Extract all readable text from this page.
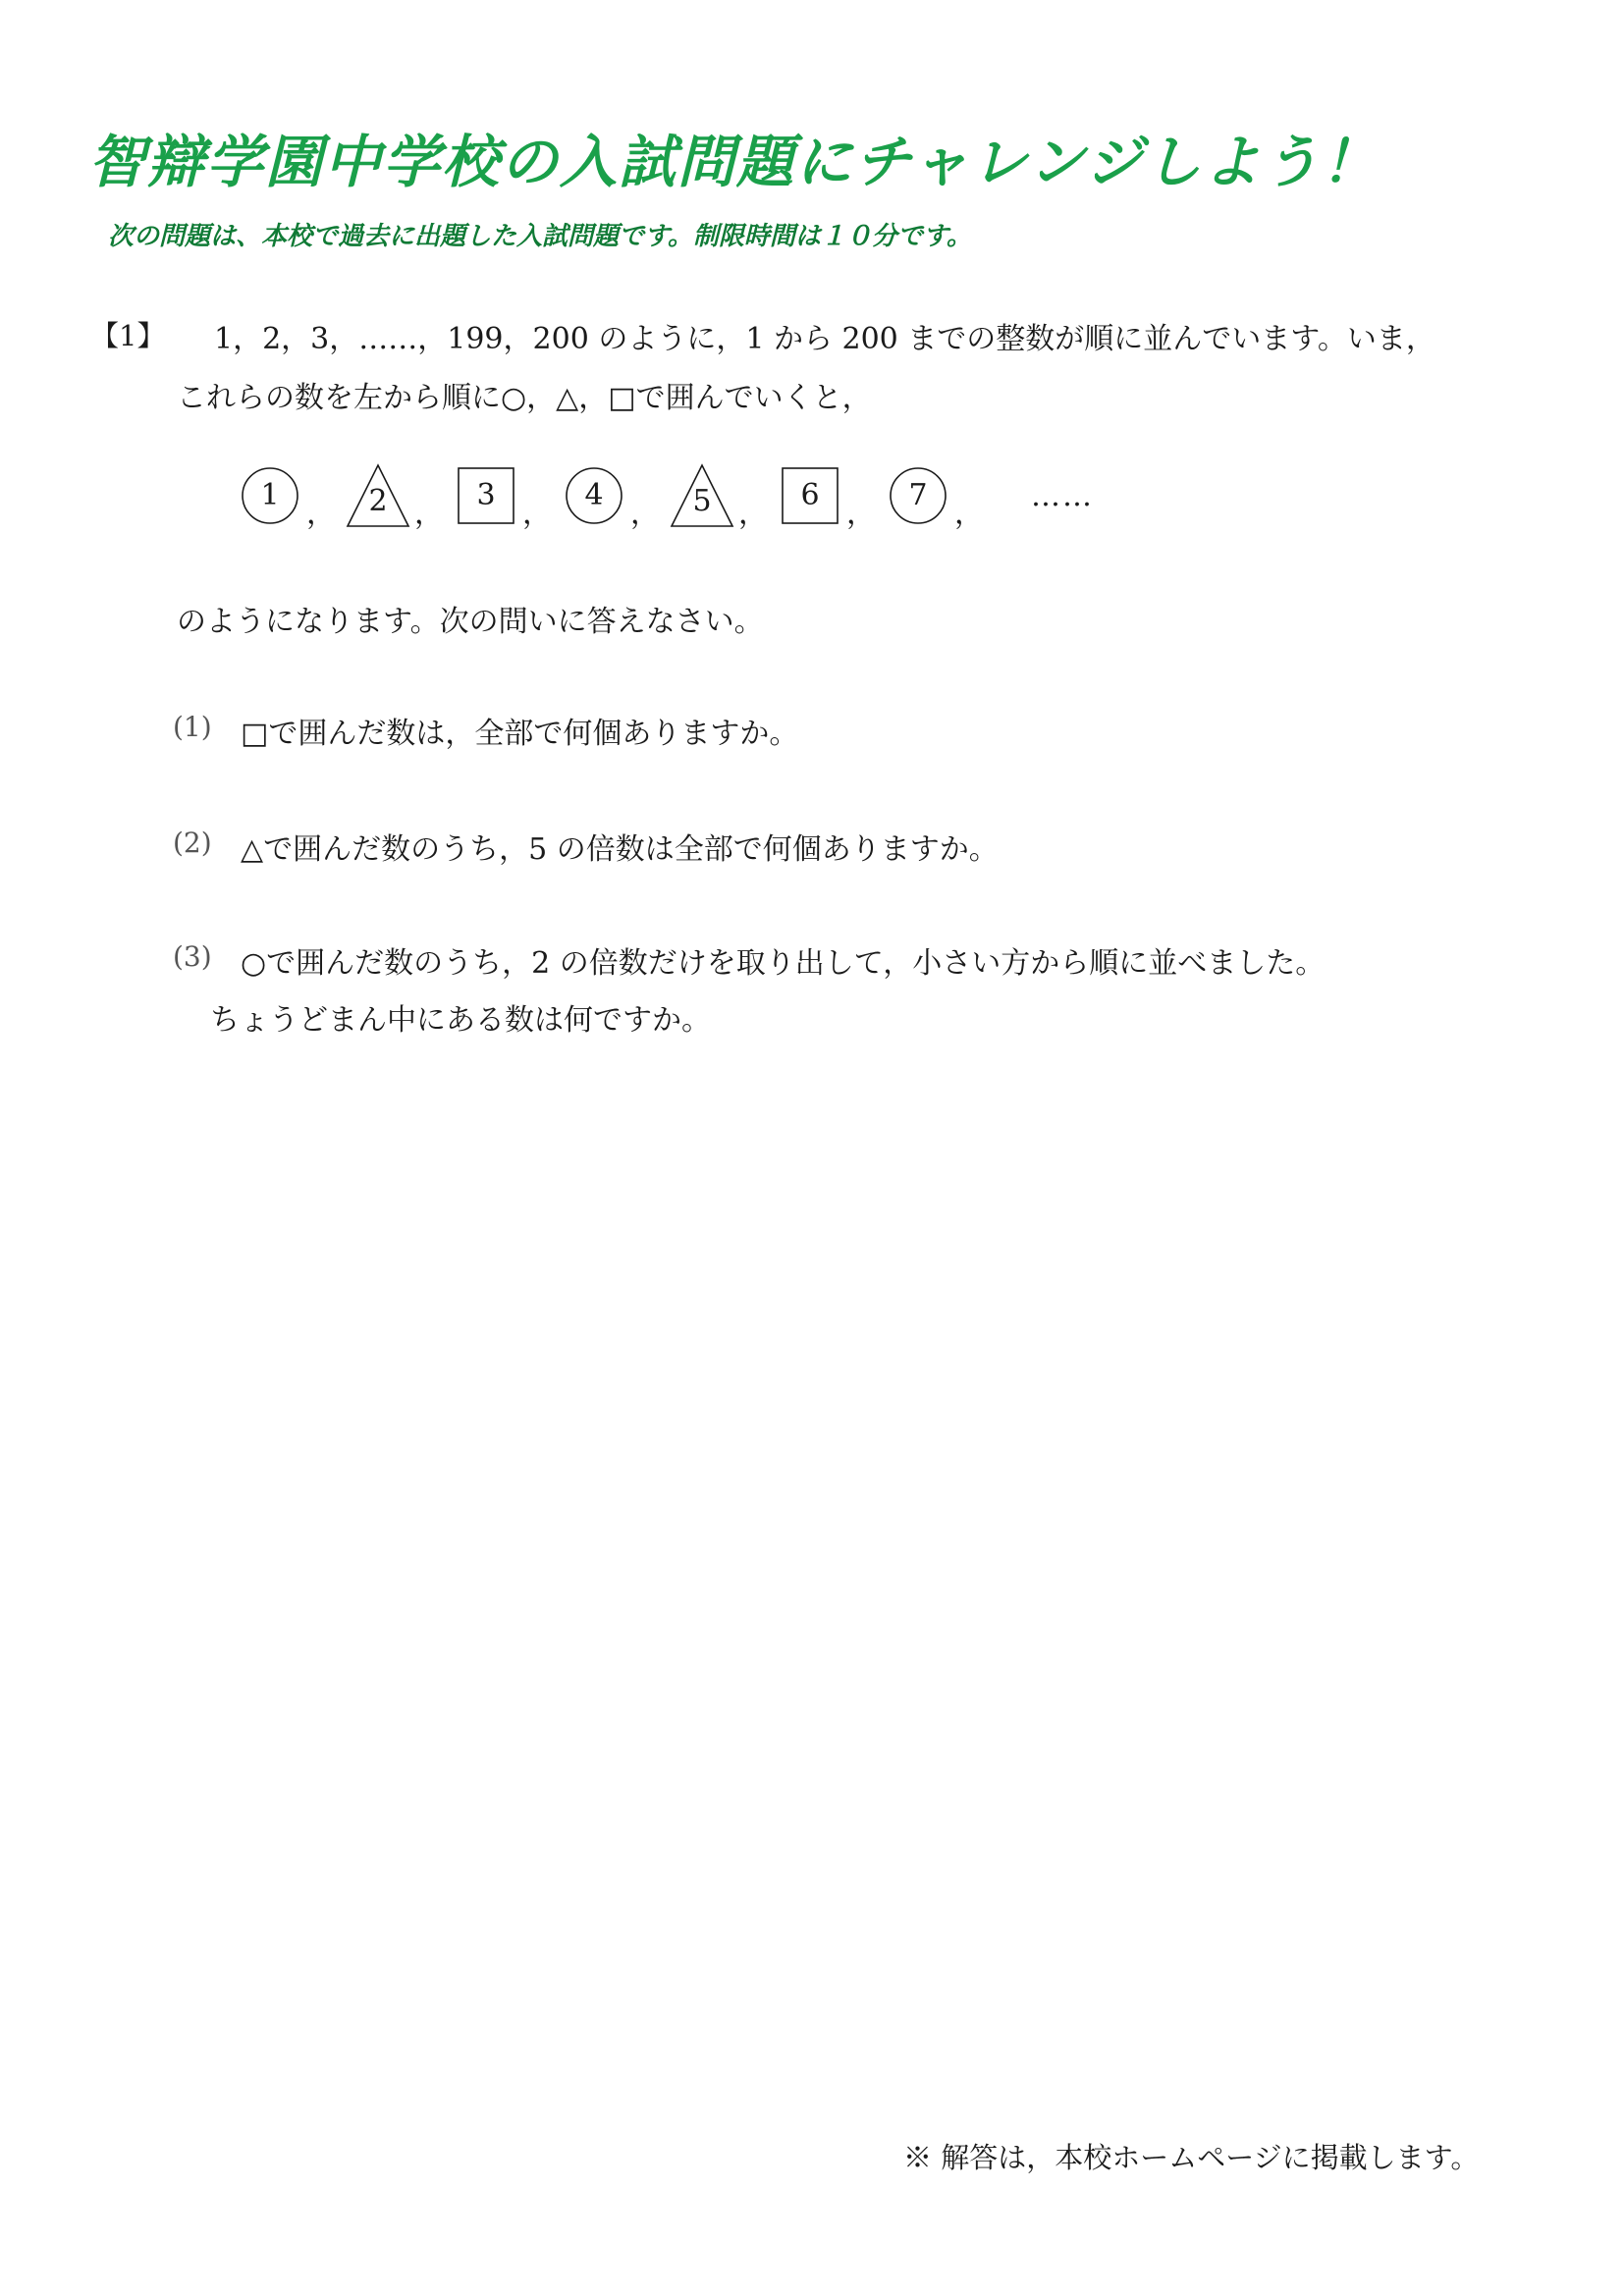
智辯学園中学校の入試問題にチャレンジしよう！
次の問題は、本校で過去に出題した入試問題です。制限時間は１０分です。
【1】 1，2，3，……，199，200 のように，1 から 200 までの整数が順に並んでいます。いま，
これらの数を左から順に○，△，□で囲んでいくと，
1
，	2 ，
3
，
4
，	5 ，
6
，
7
，
……
のようになります。次の問いに答えなさい。
(1) □で囲んだ数は，全部で何個ありますか。
(2) △で囲んだ数のうち，5 の倍数は全部で何個ありますか。
(3) ○で囲んだ数のうち，2 の倍数だけを取り出して，小さい方から順に並べました。
ちょうどまん中にある数は何ですか。
※ 解答は，本校ホームページに掲載します。
